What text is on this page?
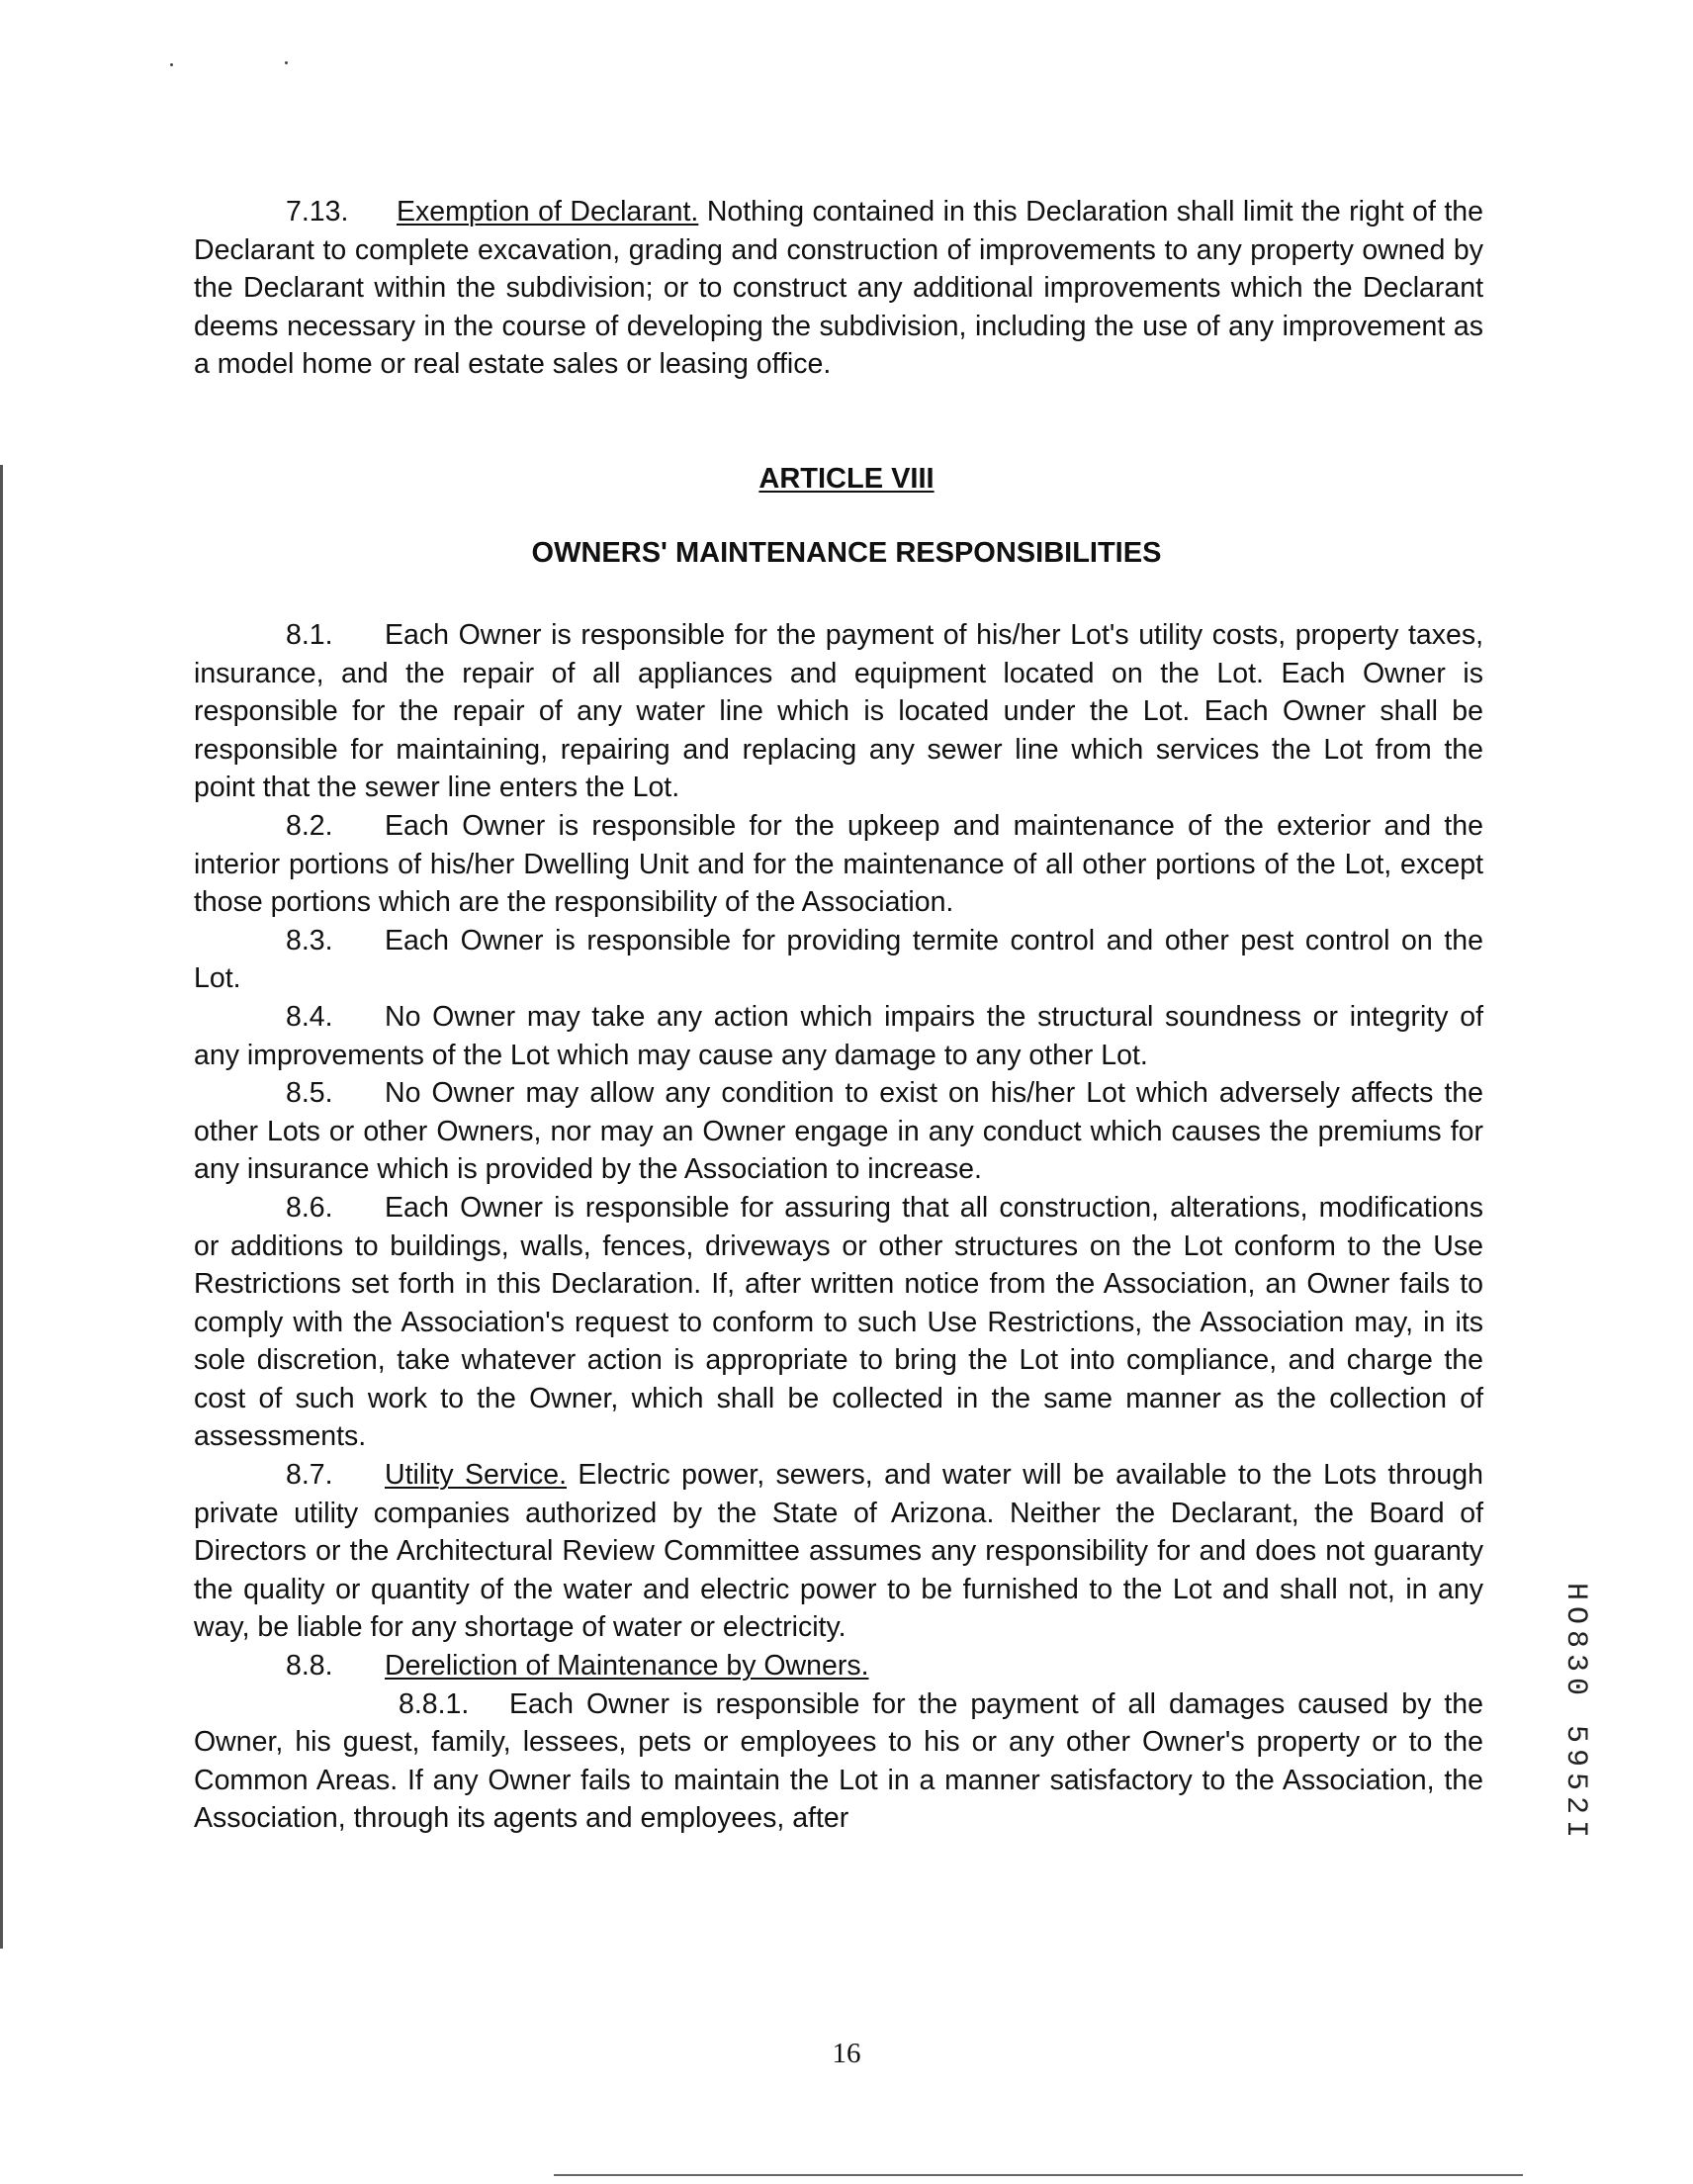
7.13. Exemption of Declarant. Nothing contained in this Declaration shall limit the right of the Declarant to complete excavation, grading and construction of improvements to any property owned by the Declarant within the subdivision; or to construct any additional improvements which the Declarant deems necessary in the course of developing the subdivision, including the use of any improvement as a model home or real estate sales or leasing office.

ARTICLE VIII
OWNERS' MAINTENANCE RESPONSIBILITIES

8.1. Each Owner is responsible for the payment of his/her Lot's utility costs, property taxes, insurance, and the repair of all appliances and equipment located on the Lot. Each Owner is responsible for the repair of any water line which is located under the Lot. Each Owner shall be responsible for maintaining, repairing and replacing any sewer line which services the Lot from the point that the sewer line enters the Lot.

8.2. Each Owner is responsible for the upkeep and maintenance of the exterior and the interior portions of his/her Dwelling Unit and for the maintenance of all other portions of the Lot, except those portions which are the responsibility of the Association.

8.3. Each Owner is responsible for providing termite control and other pest control on the Lot.

8.4. No Owner may take any action which impairs the structural soundness or integrity of any improvements of the Lot which may cause any damage to any other Lot.

8.5. No Owner may allow any condition to exist on his/her Lot which adversely affects the other Lots or other Owners, nor may an Owner engage in any conduct which causes the premiums for any insurance which is provided by the Association to increase.

8.6. Each Owner is responsible for assuring that all construction, alterations, modifications or additions to buildings, walls, fences, driveways or other structures on the Lot conform to the Use Restrictions set forth in this Declaration. If, after written notice from the Association, an Owner fails to comply with the Association's request to conform to such Use Restrictions, the Association may, in its sole discretion, take whatever action is appropriate to bring the Lot into compliance, and charge the cost of such work to the Owner, which shall be collected in the same manner as the collection of assessments.

8.7. Utility Service. Electric power, sewers, and water will be available to the Lots through private utility companies authorized by the State of Arizona. Neither the Declarant, the Board of Directors or the Architectural Review Committee assumes any responsibility for and does not guaranty the quality or quantity of the water and electric power to be furnished to the Lot and shall not, in any way, be liable for any shortage of water or electricity.

8.8. Dereliction of Maintenance by Owners.

8.8.1. Each Owner is responsible for the payment of all damages caused by the Owner, his guest, family, lessees, pets or employees to his or any other Owner's property or to the Common Areas. If any Owner fails to maintain the Lot in a manner satisfactory to the Association, the Association, through its agents and employees, after	HO830 5952I
16
